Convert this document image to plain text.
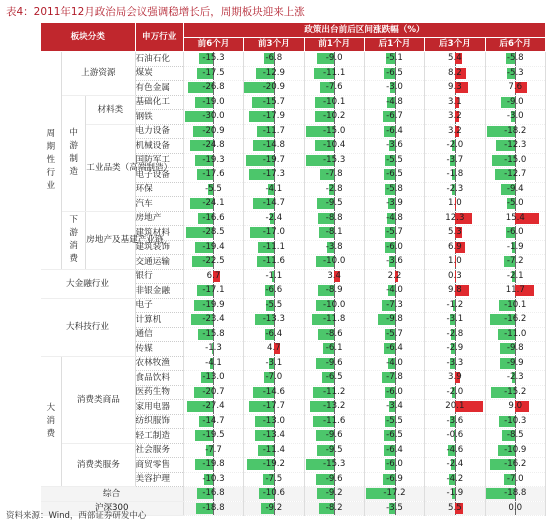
表4：2011年12月政治局会议强调稳增长后，周期板块迎来上涨
板块分类			申万行业	政策出台前后区间涨跌幅（%）					
				前6个月	前3个月	前1个月	后1个月	后3个月	后6个月
周期性行业	上游资源		石油石化	-15.3	-6.8	-9.0	-5.1	5.4	-5.8

			煤炭	-17.5	-12.9	-11.1	-6.5	8.2	-5.3

			有色金属	-26.8	-20.9	-7.6	-3.0	9.3	7.6

	中游制造	材料类	基础化工	-19.0	-15.7	-10.1	-4.8	3.1	-9.0

			钢铁	-30.0	-17.9	-10.2	-6.7	3.2	-3.0

		工业品类（高端制造）	电力设备	-20.9	-11.7	-15.0	-6.4	3.2	-18.2

			机械设备	-24.8	-14.8	-10.4	-3.6	-2.0	-12.3

			国防军工	-19.3	-19.7	-15.3	-5.5	-3.7	-15.0

			电子设备	-17.6	-17.3	-7.8	-6.5	-1.8	-12.7

			环保	-5.5	-4.1	-2.8	-5.8	-2.3	-9.4

			汽车	-24.1	-14.7	-9.5	-3.9	1.0	-5.0

	下游消费	房地产及基建产业链	房地产	-16.6	-2.4	-8.8	-4.8	12.3	15.4

			建筑材料	-28.5	-17.0	-8.1	-5.7	5.3	-6.0

			建筑装饰	-19.4	-11.1	-3.8	-6.0	6.9	-1.9

			交通运输	-22.5	-11.6	-10.0	-3.6	1.0	-7.2

大金融行业			银行	6.7	-1.1	3.4	2.2	0.3	-2.1

			非银金融	-17.1	-6.6	-8.9	-4.0	9.8	11.7

大科技行业			电子	-19.9	-5.5	-10.0	-7.3	-1.2	-10.1

			计算机	-23.4	-13.3	-11.8	-9.8	-3.1	-16.2

			通信	-15.8	-6.4	-8.6	-5.7	-2.8	-11.0

			传媒	-1.3	4.7	-6.1	-6.4	-2.9	-9.8

大消费	消费类商品		农林牧渔	-4.1	-3.1	-9.6	-4.0	-3.3	-9.9

			食品饮料	-13.0	-7.0	-6.5	-7.8	3.9	-2.3

			医药生物	-20.7	-14.6	-11.2	-6.0	-2.0	-15.2

			家用电器	-27.4	-17.7	-13.2	-3.4	20.1	9.0

			纺织服饰	-14.7	-13.0	-11.6	-5.5	-3.6	-10.3

			轻工制造	-19.5	-13.4	-9.6	-6.5	-0.6	-8.5

	消费类服务		社会服务	-7.7	-11.4	-9.5	-6.4	-4.6	-10.9

			商贸零售	-19.8	-19.2	-15.3	-6.0	-2.4	-16.2

			美容护理	-10.3	-7.5	-9.6	-6.9	-4.2	-7.0

综合				-16.8	-10.6	-9.2	-17.2	-1.9	-18.8

沪深300				-18.8	-9.2	-8.2	-3.5	5.5	0.0
资料来源：Wind，西部证券研发中心
